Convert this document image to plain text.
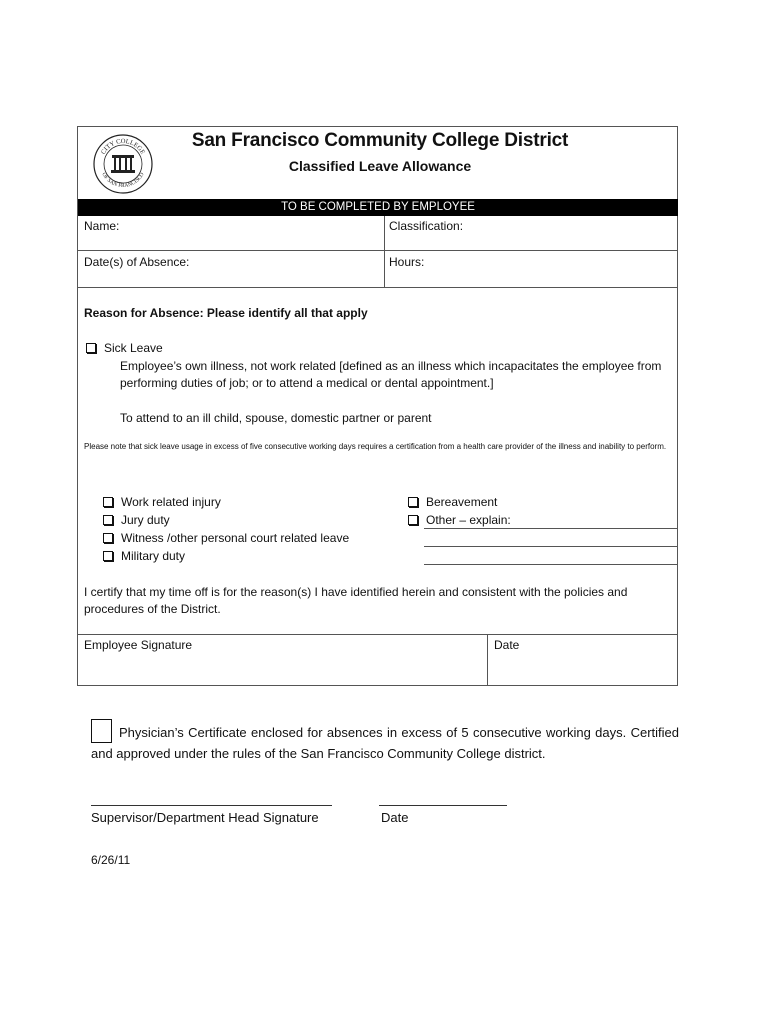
CITY COLLEGE
OF SAN FRANCISCO
San Francisco Community College District
Classified Leave Allowance
TO BE COMPLETED BY EMPLOYEE
Name:	Classification:
Date(s) of Absence:	Hours:
Reason for Absence: Please identify all that apply
Sick Leave
Employee’s own illness, not work related [defined as an illness which incapacitates the employee from performing duties of job; or to attend a medical or dental appointment.]
To attend to an ill child, spouse, domestic partner or parent
Please note that sick leave usage in excess of five consecutive working days requires a certification from a health care provider of the illness and inability to perform.
Work related injury
Jury duty
Witness /other personal court related leave
Military duty
Bereavement
Other – explain:
I certify that my time off is for the reason(s) I have identified herein and consistent with the policies and procedures of the District.
Employee Signature	Date
Physician’s Certificate enclosed for absences in excess of 5 consecutive working days. Certified and approved under the rules of the San Francisco Community College district.
Supervisor/Department Head Signature	Date
6/26/11
